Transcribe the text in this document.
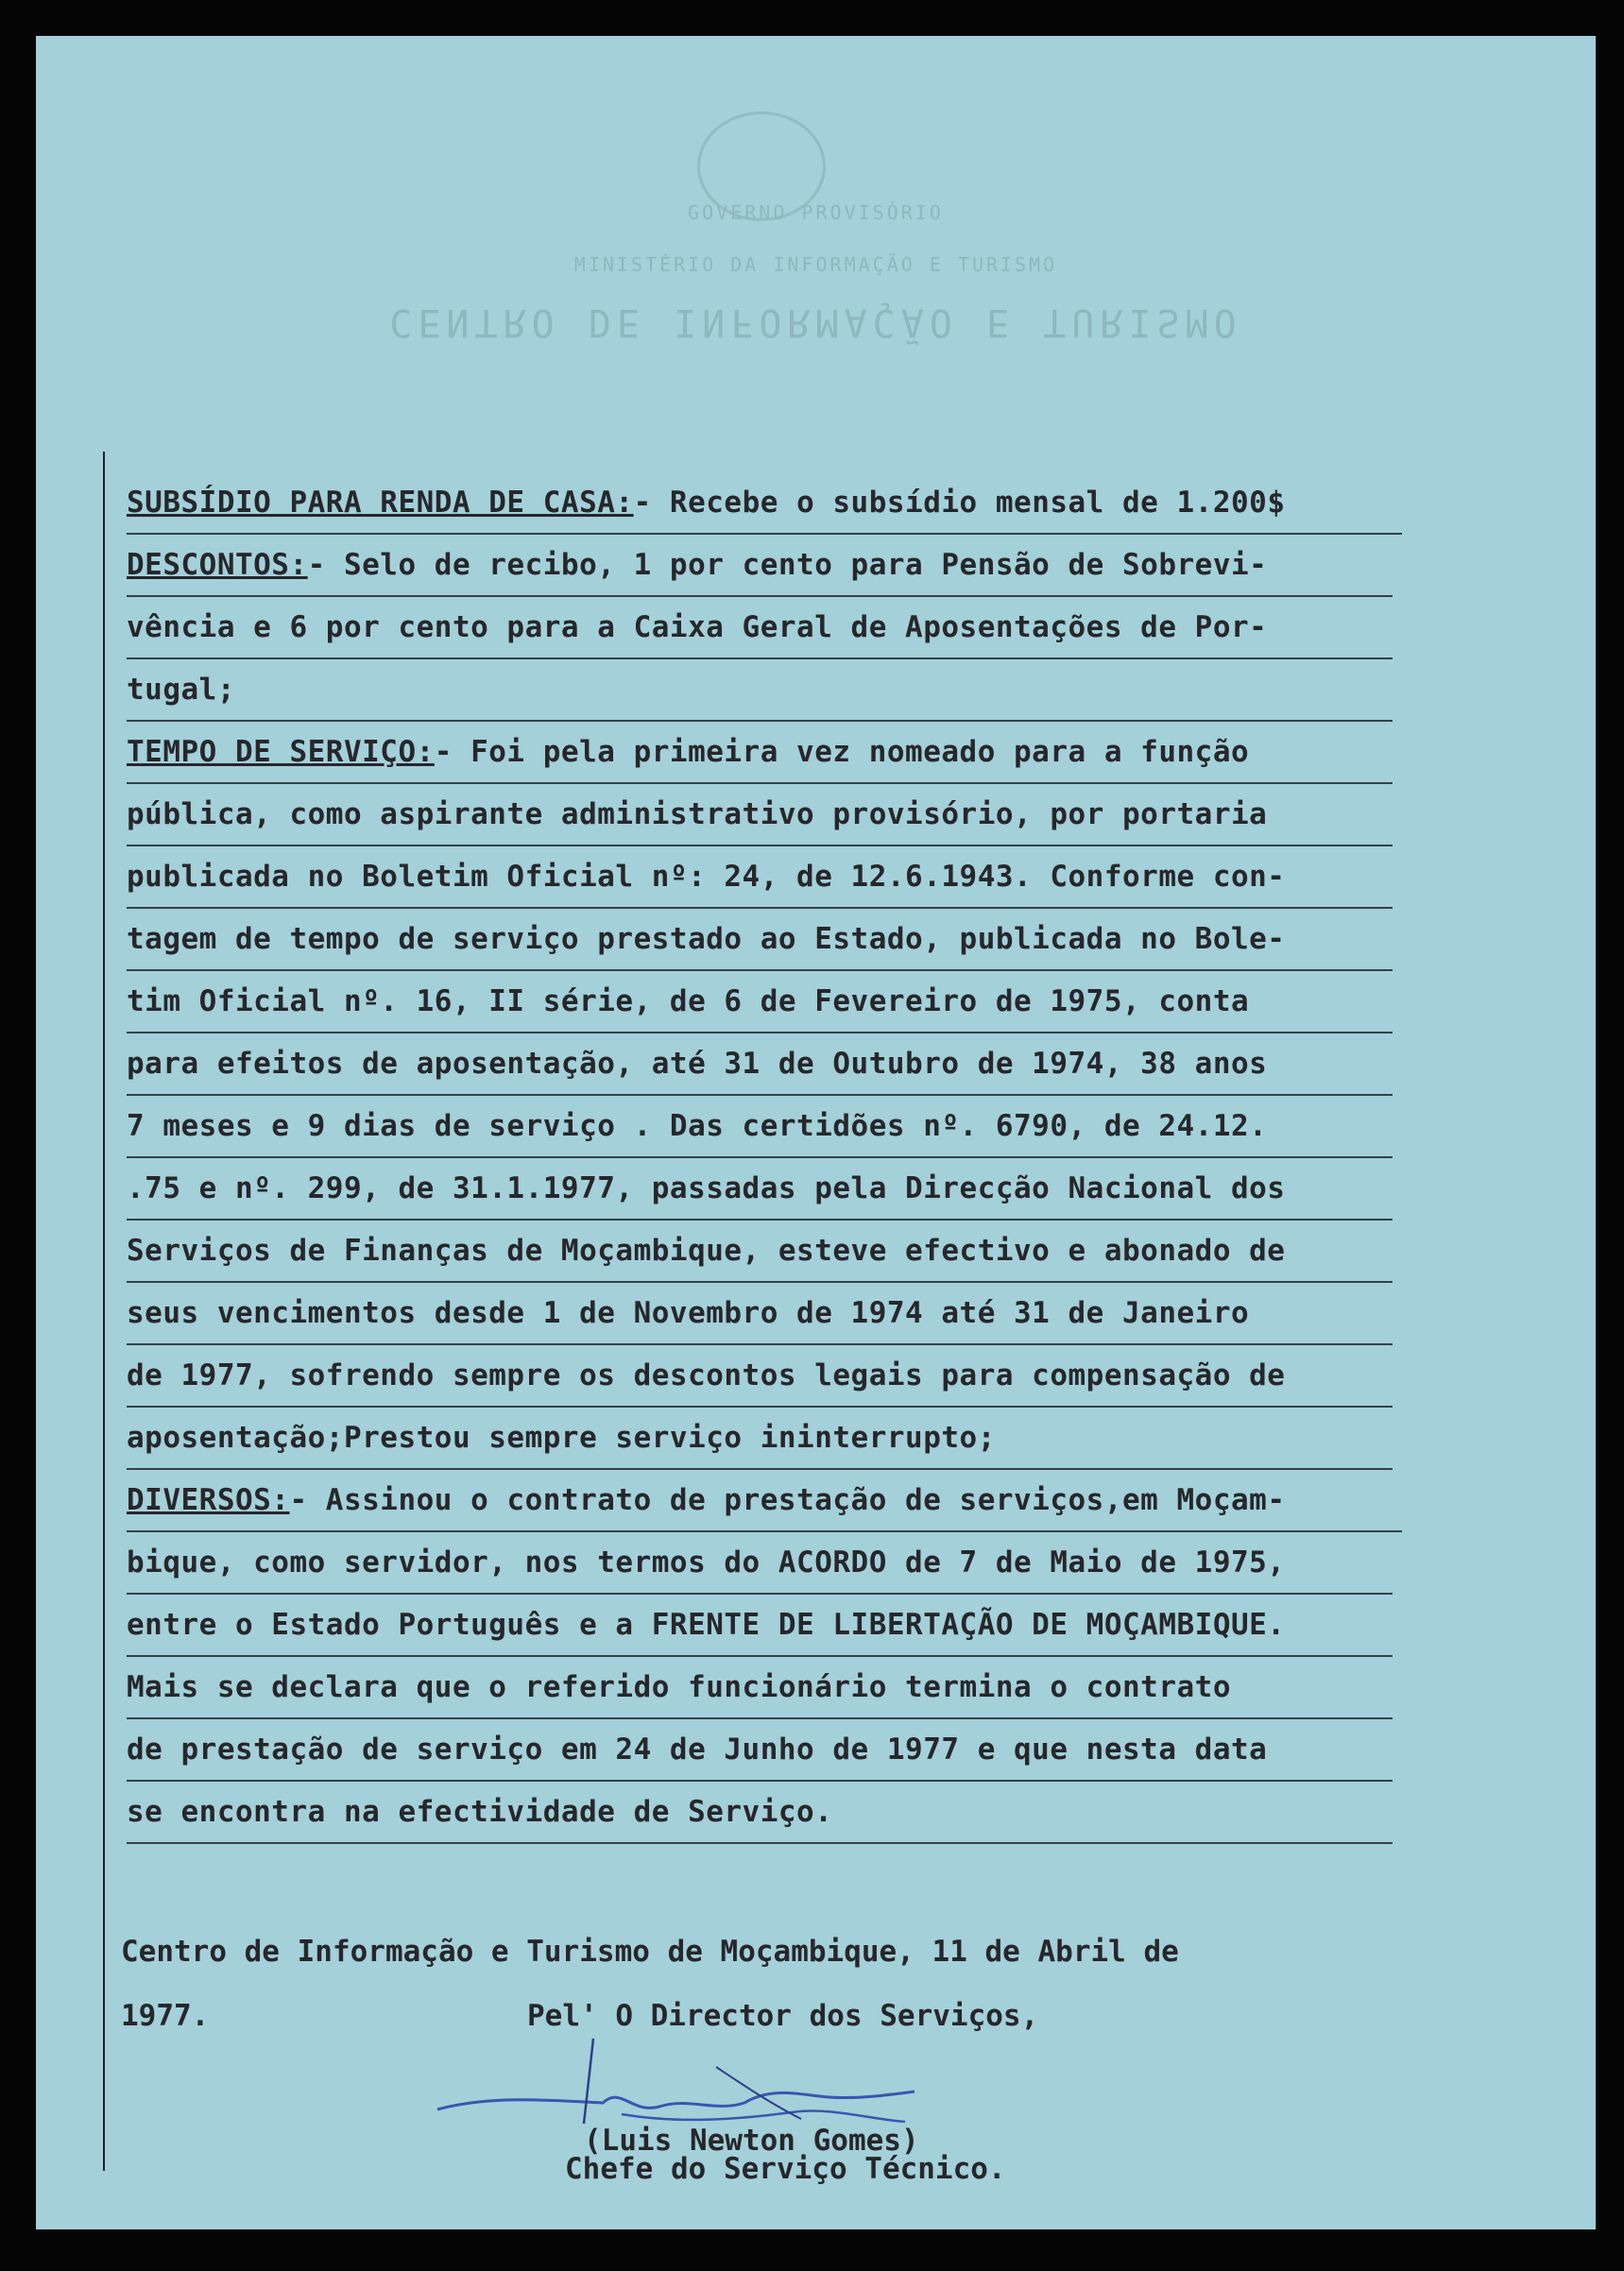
GOVERNO PROVISÓRIO
MINISTÉRIO DA INFORMAÇÃO E TURISMO
CENTRO DE INFORMAÇÃO E TURISMO
SUBSÍDIO PARA RENDA DE CASA:- Recebe o subsídio mensal de 1.200$
DESCONTOS:- Selo de recibo, 1 por cento para Pensão de Sobrevi-
vência e 6 por cento para a Caixa Geral de Aposentações de Por-
tugal;
TEMPO DE SERVIÇO:- Foi pela primeira vez nomeado para a função
pública, como aspirante administrativo provisório, por portaria
publicada no Boletim Oficial nº: 24, de 12.6.1943. Conforme con-
tagem de tempo de serviço prestado ao Estado, publicada no Bole-
tim Oficial nº. 16, II série, de 6 de Fevereiro de 1975, conta
para efeitos de aposentação, até 31 de Outubro de 1974, 38 anos
7 meses e 9 dias de serviço . Das certidões nº. 6790, de 24.12.
.75 e nº. 299, de 31.1.1977, passadas pela Direcção Nacional dos
Serviços de Finanças de Moçambique, esteve efectivo e abonado de
seus vencimentos desde 1 de Novembro de 1974 até 31 de Janeiro
de 1977, sofrendo sempre os descontos legais para compensação de
aposentação;Prestou sempre serviço ininterrupto;
DIVERSOS:- Assinou o contrato de prestação de serviços,em Moçam-
bique, como servidor, nos termos do ACORDO de 7 de Maio de 1975,
entre o Estado Português e a FRENTE DE LIBERTAÇÃO DE MOÇAMBIQUE.
Mais se declara que o referido funcionário termina o contrato
de prestação de serviço em 24 de Junho de 1977 e que nesta data
se encontra na efectividade de Serviço.
Centro de Informação e Turismo de Moçambique, 11 de Abril de
1977.	Pel' O Director dos Serviços,
(Luis Newton Gomes)
Chefe do Serviço Técnico.
